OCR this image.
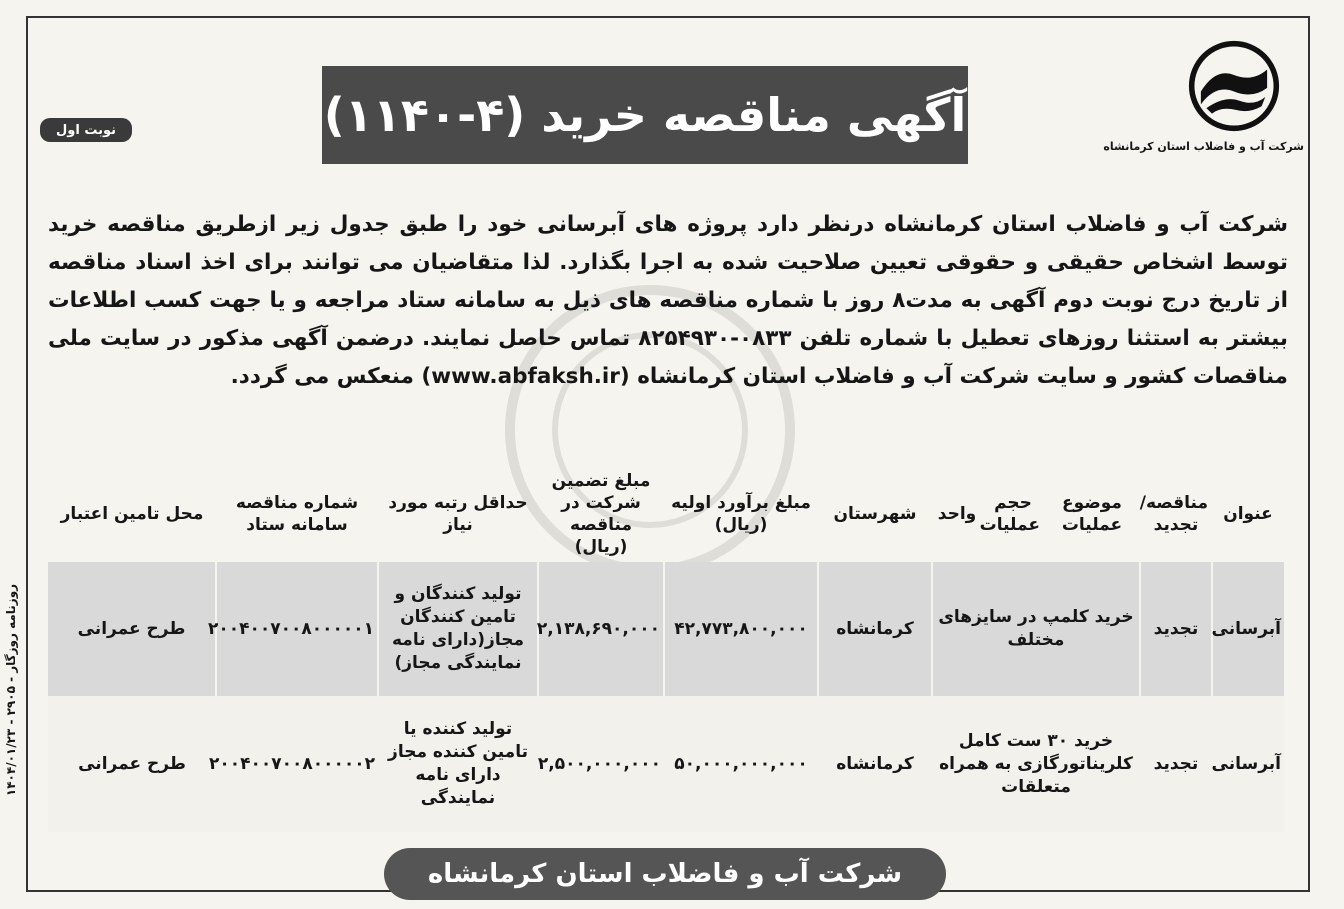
شرکت آب و فاضلاب استان کرمانشاه
آگهی مناقصه خرید (۴-۱۱۴۰)
نوبت اول

شرکت آب و فاضلاب استان کرمانشاه درنظر دارد پروژه های آبرسانی خود را طبق جدول زیر ازطریق مناقصه خرید توسط اشخاص حقیقی و حقوقی تعیین صلاحیت شده به اجرا بگذارد. لذا متقاضیان می توانند برای اخذ اسناد مناقصه از تاریخ درج نوبت دوم آگهی به مدت۸ روز با شماره مناقصه های ذیل به سامانه ستاد مراجعه و یا جهت کسب اطلاعات بیشتر به استثنا روزهای تعطیل با شماره تلفن ۰۸۳۳-۸۲۵۴۹۳۰ تماس حاصل نمایند. درضمن آگهی مذکور در سایت ملی مناقصات کشور و سایت شرکت آب و فاضلاب استان کرمانشاه (www.abfaksh.ir) منعکس می گردد.

عنوان	مناقصه/ تجدید	موضوع عملیات	حجم عملیات	واحد	شهرستان	مبلغ برآورد اولیه (ریال)	مبلغ تضمین شرکت در مناقصه (ریال)	حداقل رتبه مورد نیاز	شماره مناقصه سامانه ستاد	محل تامین اعتبار
آبرسانی	تجدید	خرید کلمپ در سایزهای مختلف			کرمانشاه	۴۲,۷۷۳,۸۰۰,۰۰۰	۲,۱۳۸,۶۹۰,۰۰۰	تولید کنندگان و تامین کنندگان مجاز(دارای نامه نمایندگی مجاز)	۲۰۰۴۰۰۷۰۰۸۰۰۰۰۰۱	طرح عمرانی
آبرسانی	تجدید	خرید ۳۰ ست کامل کلریناتورگازی به همراه متعلقات			کرمانشاه	۵۰,۰۰۰,۰۰۰,۰۰۰	۲,۵۰۰,۰۰۰,۰۰۰	تولید کننده یا تامین کننده مجاز دارای نامه نمایندگی	۲۰۰۴۰۰۷۰۰۸۰۰۰۰۰۲	طرح عمرانی
شرکت آب و فاضلاب استان کرمانشاه
روزنامه روزگار - ۲۹۰۵ - ۱۴۰۴/۰۱/۲۳
